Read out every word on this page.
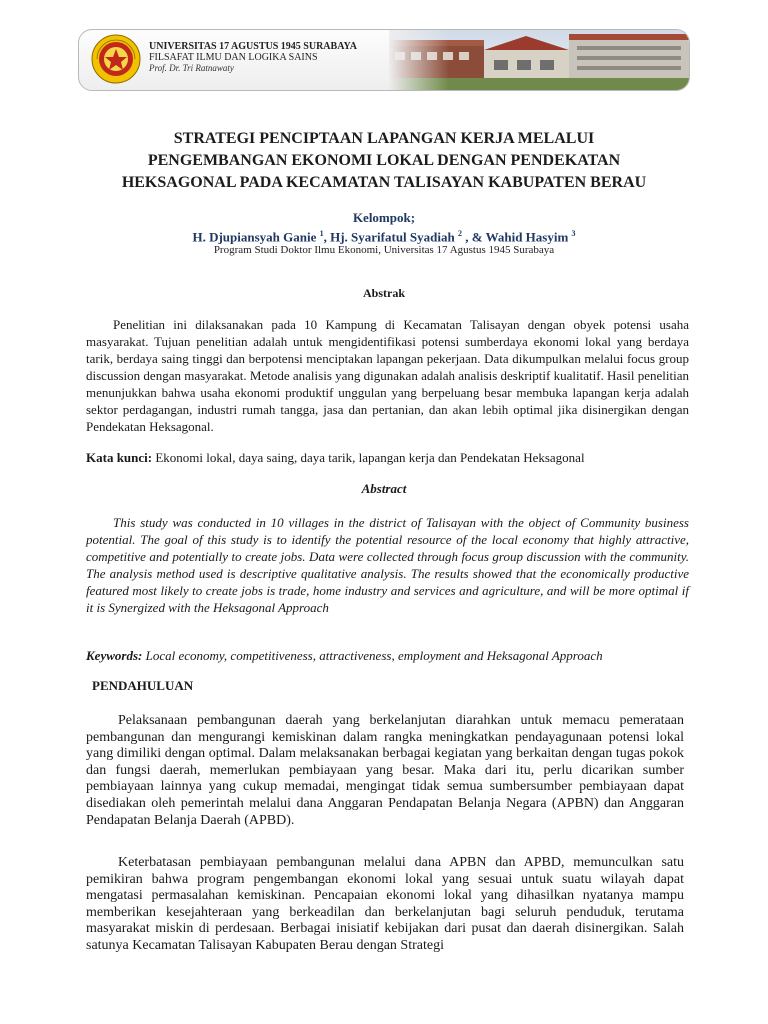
UNIVERSITAS 17 AGUSTUS 1945 SURABAYA
FILSAFAT ILMU DAN LOGIKA SAINS
Prof. Dr. Tri Ratnawaty
STRATEGI PENCIPTAAN LAPANGAN KERJA MELALUI
PENGEMBANGAN EKONOMI LOKAL DENGAN PENDEKATAN
HEKSAGONAL PADA KECAMATAN TALISAYAN KABUPATEN BERAU
Kelompok;
H. Djupiansyah Ganie $^1$, Hj. Syarifatul Syadiah $^2$ , & Wahid Hasyim $^3$
Program Studi Doktor Ilmu Ekonomi, Universitas 17 Agustus 1945 Surabaya
Abstrak

Penelitian ini dilaksanakan pada 10 Kampung di Kecamatan Talisayan dengan obyek potensi usaha masyarakat. Tujuan penelitian adalah untuk mengidentifikasi potensi sumberdaya ekonomi lokal yang berdaya tarik, berdaya saing tinggi dan berpotensi menciptakan lapangan pekerjaan. Data dikumpulkan melalui focus group discussion dengan masyarakat. Metode analisis yang digunakan adalah analisis deskriptif kualitatif. Hasil penelitian menunjukkan bahwa usaha ekonomi produktif unggulan yang berpeluang besar membuka lapangan kerja adalah sektor perdagangan, industri rumah tangga, jasa dan pertanian, dan akan lebih optimal jika disinergikan dengan Pendekatan Heksagonal.

Kata kunci: Ekonomi lokal, daya saing, daya tarik, lapangan kerja dan Pendekatan Heksagonal

Abstract

This study was conducted in 10 villages in the district of Talisayan with the object of Community business potential. The goal of this study is to identify the potential resource of the local economy that highly attractive, competitive and potentially to create jobs. Data were collected through focus group discussion with the community. The analysis method used is descriptive qualitative analysis. The results showed that the economically productive featured most likely to create jobs is trade, home industry and services and agriculture, and will be more optimal if it is Synergized with the Heksagonal Approach

Keywords: Local economy, competitiveness, attractiveness, employment and Heksagonal Approach

PENDAHULUAN

Pelaksanaan pembangunan daerah yang berkelanjutan diarahkan untuk memacu pemerataan pembangunan dan mengurangi kemiskinan dalam rangka meningkatkan pendayagunaan potensi lokal yang dimiliki dengan optimal. Dalam melaksanakan berbagai kegiatan yang berkaitan dengan tugas pokok dan fungsi daerah, memerlukan pembiayaan yang besar. Maka dari itu, perlu dicarikan sumber pembiayaan lainnya yang cukup memadai, mengingat tidak semua sumbersumber pembiayaan dapat disediakan oleh pemerintah melalui dana Anggaran Pendapatan Belanja Negara (APBN) dan Anggaran Pendapatan Belanja Daerah (APBD).

Keterbatasan pembiayaan pembangunan melalui dana APBN dan APBD, memunculkan satu pemikiran bahwa program pengembangan ekonomi lokal yang sesuai untuk suatu wilayah dapat mengatasi permasalahan kemiskinan. Pencapaian ekonomi lokal yang dihasilkan nyatanya mampu memberikan kesejahteraan yang berkeadilan dan berkelanjutan bagi seluruh penduduk, terutama masyarakat miskin di perdesaan. Berbagai inisiatif kebijakan dari pusat dan daerah disinergikan. Salah satunya Kecamatan Talisayan Kabupaten Berau dengan Strategi
